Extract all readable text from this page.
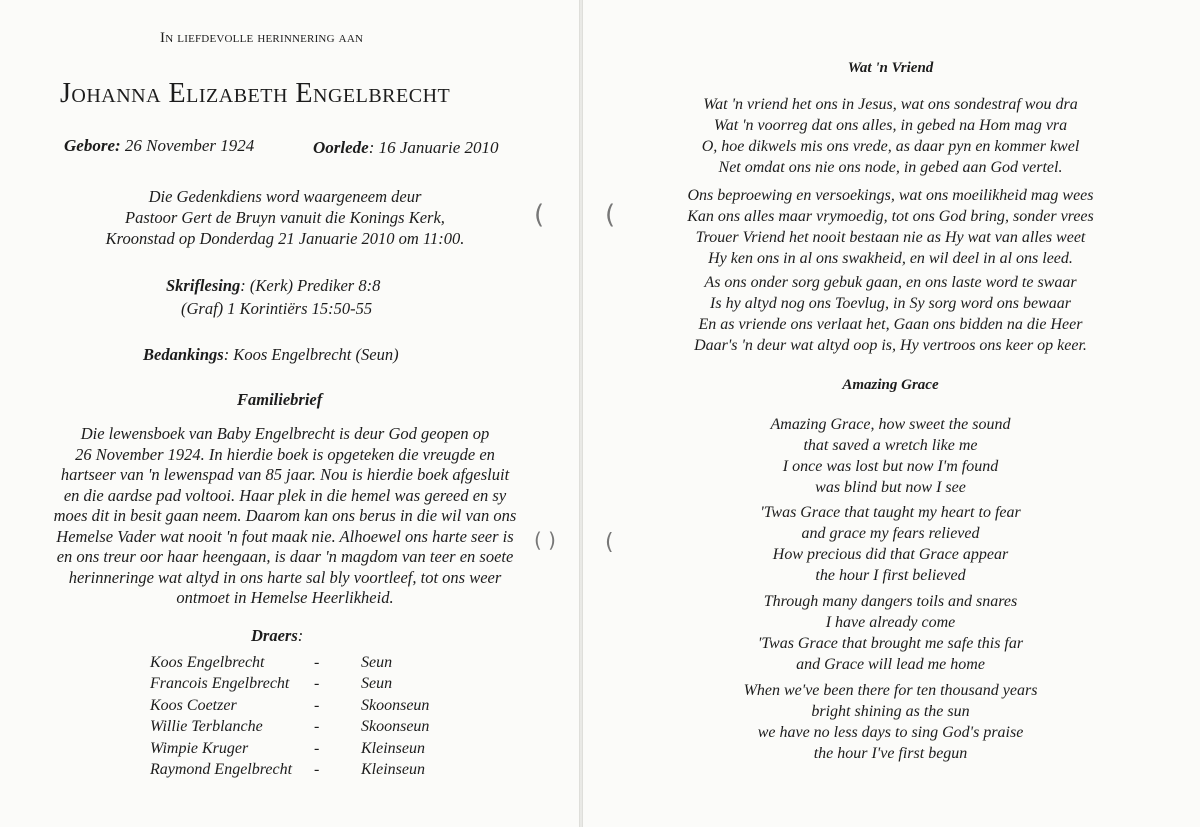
In liefdevolle herinnering aan
Johanna Elizabeth Engelbrecht
Gebore: 26 November 1924	Oorlede: 16 Januarie 2010
Die Gedenkdiens word waargeneem deur
Pastoor Gert de Bruyn vanuit die Konings Kerk,
Kroonstad op Donderdag 21 Januarie 2010 om 11:00.
Skriflesing: (Kerk) Prediker 8:8
(Graf) 1 Korintiërs 15:50-55
Bedankings: Koos Engelbrecht (Seun)
Familiebrief
Die lewensboek van Baby Engelbrecht is deur God geopen op
26 November 1924. In hierdie boek is opgeteken die vreugde en
hartseer van 'n lewenspad van 85 jaar. Nou is hierdie boek afgesluit
en die aardse pad voltooi. Haar plek in die hemel was gereed en sy
moes dit in besit gaan neem. Daarom kan ons berus in die wil van ons
Hemelse Vader wat nooit 'n fout maak nie. Alhoewel ons harte seer is
en ons treur oor haar heengaan, is daar 'n magdom van teer en soete
herinneringe wat altyd in ons harte sal bly voortleef, tot ons weer
ontmoet in Hemelse Heerlikheid.
Draers:
Koos Engelbrecht	-	Seun
Francois Engelbrecht	-	Seun
Koos Coetzer	-	Skoonseun
Willie Terblanche	-	Skoonseun
Wimpie Kruger	-	Kleinseun
Raymond Engelbrecht	-	Kleinseun
(
( )
(
(
Wat 'n Vriend
Wat 'n vriend het ons in Jesus, wat ons sondestraf wou dra
Wat 'n voorreg dat ons alles, in gebed na Hom mag vra
O, hoe dikwels mis ons vrede, as daar pyn en kommer kwel
Net omdat ons nie ons node, in gebed aan God vertel.
Ons beproewing en versoekings, wat ons moeilikheid mag wees
Kan ons alles maar vrymoedig, tot ons God bring, sonder vrees
Trouer Vriend het nooit bestaan nie as Hy wat van alles weet
Hy ken ons in al ons swakheid, en wil deel in al ons leed.
As ons onder sorg gebuk gaan, en ons laste word te swaar
Is hy altyd nog ons Toevlug, in Sy sorg word ons bewaar
En as vriende ons verlaat het, Gaan ons bidden na die Heer
Daar's 'n deur wat altyd oop is, Hy vertroos ons keer op keer.
Amazing Grace
Amazing Grace, how sweet the sound
that saved a wretch like me
I once was lost but now I'm found
was blind but now I see
'Twas Grace that taught my heart to fear
and grace my fears relieved
How precious did that Grace appear
the hour I first believed
Through many dangers toils and snares
I have already come
'Twas Grace that brought me safe this far
and Grace will lead me home
When we've been there for ten thousand years
bright shining as the sun
we have no less days to sing God's praise
the hour I've first begun
